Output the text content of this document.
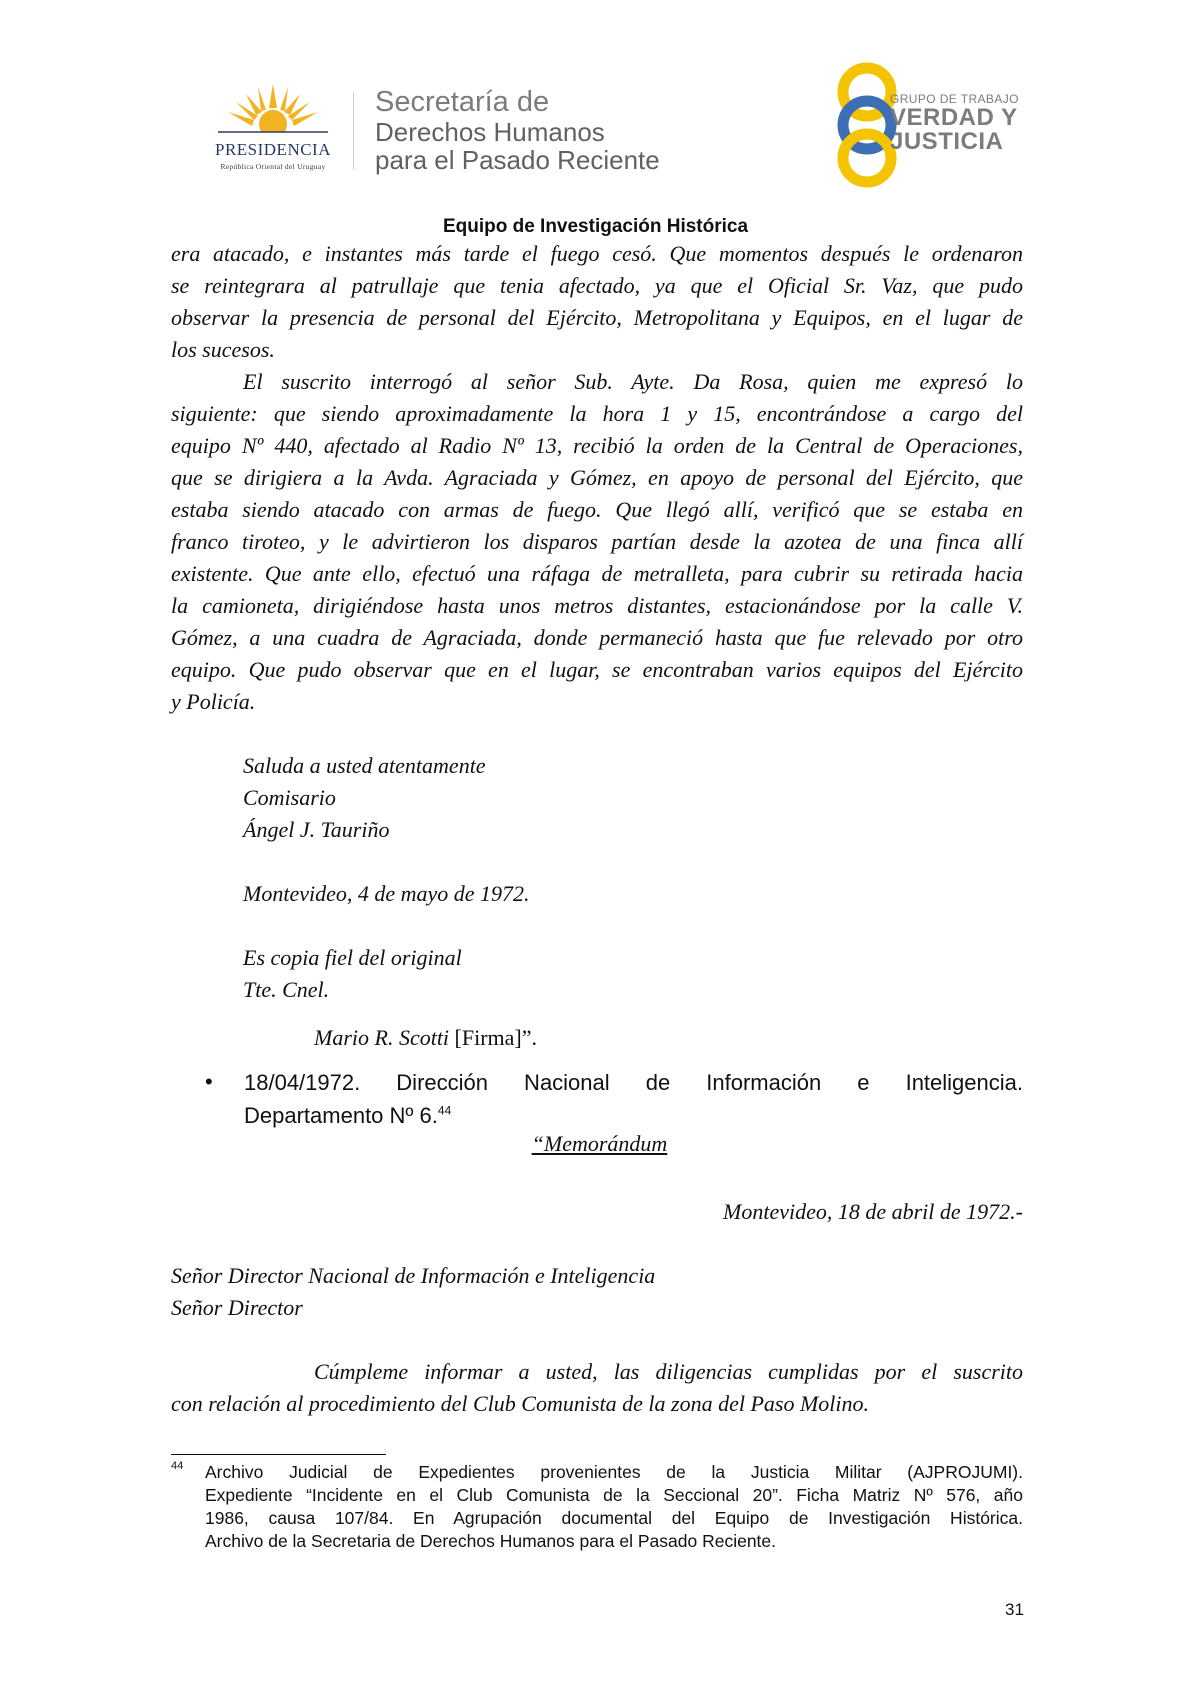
PRESIDENCIA
República Oriental del Uruguay
Secretaría de
Derechos Humanos
para el Pasado Reciente
GRUPO DE TRABAJO
VERDAD Y
JUSTICIA
Equipo de Investigación Histórica
era atacado, e instantes más tarde el fuego cesó. Que momentos después le ordenaron
se reintegrara al patrullaje que tenia afectado, ya que el Oficial Sr. Vaz, que pudo
observar la presencia de personal del Ejército, Metropolitana y Equipos, en el lugar de
los sucesos.
El suscrito interrogó al señor Sub. Ayte. Da Rosa, quien me expresó lo
siguiente: que siendo aproximadamente la hora 1 y 15, encontrándose a cargo del
equipo Nº 440, afectado al Radio Nº 13, recibió la orden de la Central de Operaciones,
que se dirigiera a la Avda. Agraciada y Gómez, en apoyo de personal del Ejército, que
estaba siendo atacado con armas de fuego. Que llegó allí, verificó que se estaba en
franco tiroteo, y le advirtieron los disparos partían desde la azotea de una finca allí
existente. Que ante ello, efectuó una ráfaga de metralleta, para cubrir su retirada hacia
la camioneta, dirigiéndose hasta unos metros distantes, estacionándose por la calle V.
Gómez, a una cuadra de Agraciada, donde permaneció hasta que fue relevado por otro
equipo. Que pudo observar que en el lugar, se encontraban varios equipos del Ejército
y Policía.
Saluda a usted atentamente
Comisario
Ángel J. Tauriño
Montevideo, 4 de mayo de 1972.
Es copia fiel del original
Tte. Cnel.
Mario R. Scotti [Firma]”.
• 18/04/1972. Dirección Nacional de Información e Inteligencia.
Departamento Nº 6.44
“Memorándum
Montevideo, 18 de abril de 1972.-
Señor Director Nacional de Información e Inteligencia
Señor Director
Cúmpleme informar a usted, las diligencias cumplidas por el suscrito
con relación al procedimiento del Club Comunista de la zona del Paso Molino.
44 Archivo Judicial de Expedientes provenientes de la Justicia Militar (AJPROJUMI).
Expediente “Incidente en el Club Comunista de la Seccional 20”. Ficha Matriz Nº 576, año
1986, causa 107/84. En Agrupación documental del Equipo de Investigación Histórica.
Archivo de la Secretaria de Derechos Humanos para el Pasado Reciente.
31
